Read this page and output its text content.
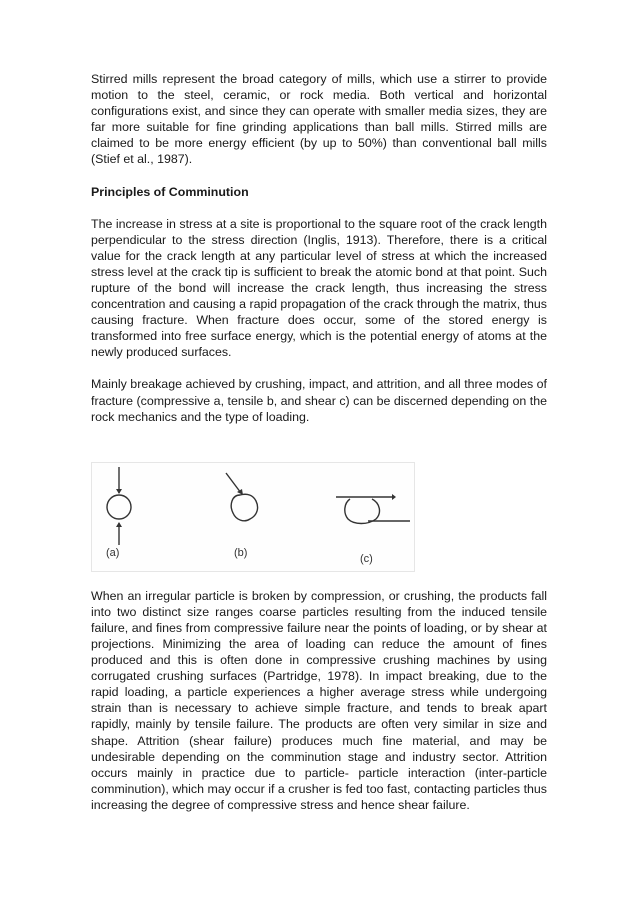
Stirred mills represent the broad category of mills, which use a stirrer to provide motion to the steel, ceramic, or rock media. Both vertical and horizontal configurations exist, and since they can operate with smaller media sizes, they are far more suitable for fine grinding applications than ball mills. Stirred mills are claimed to be more energy efficient (by up to 50%) than conventional ball mills (Stief et al., 1987).

Principles of Comminution

The increase in stress at a site is proportional to the square root of the crack length perpendicular to the stress direction (Inglis, 1913). Therefore, there is a critical value for the crack length at any particular level of stress at which the increased stress level at the crack tip is sufficient to break the atomic bond at that point. Such rupture of the bond will increase the crack length, thus increasing the stress concentration and causing a rapid propagation of the crack through the matrix, thus causing fracture. When fracture does occur, some of the stored energy is transformed into free surface energy, which is the potential energy of atoms at the newly produced surfaces.

Mainly breakage achieved by crushing, impact, and attrition, and all three modes of fracture (compressive a, tensile b, and shear c) can be discerned depending on the rock mechanics and the type of loading.

(a)	(b)	(c)

When an irregular particle is broken by compression, or crushing, the products fall into two distinct size ranges coarse particles resulting from the induced tensile failure, and fines from compressive failure near the points of loading, or by shear at projections. Minimizing the area of loading can reduce the amount of fines produced and this is often done in compressive crushing machines by using corrugated crushing surfaces (Partridge, 1978). In impact breaking, due to the rapid loading, a particle experiences a higher average stress while undergoing strain than is necessary to achieve simple fracture, and tends to break apart rapidly, mainly by tensile failure. The products are often very similar in size and shape. Attrition (shear failure) produces much fine material, and may be undesirable depending on the comminution stage and industry sector. Attrition occurs mainly in practice due to particle- particle interaction (inter-particle comminution), which may occur if a crusher is fed too fast, contacting particles thus increasing the degree of compressive stress and hence shear failure.
